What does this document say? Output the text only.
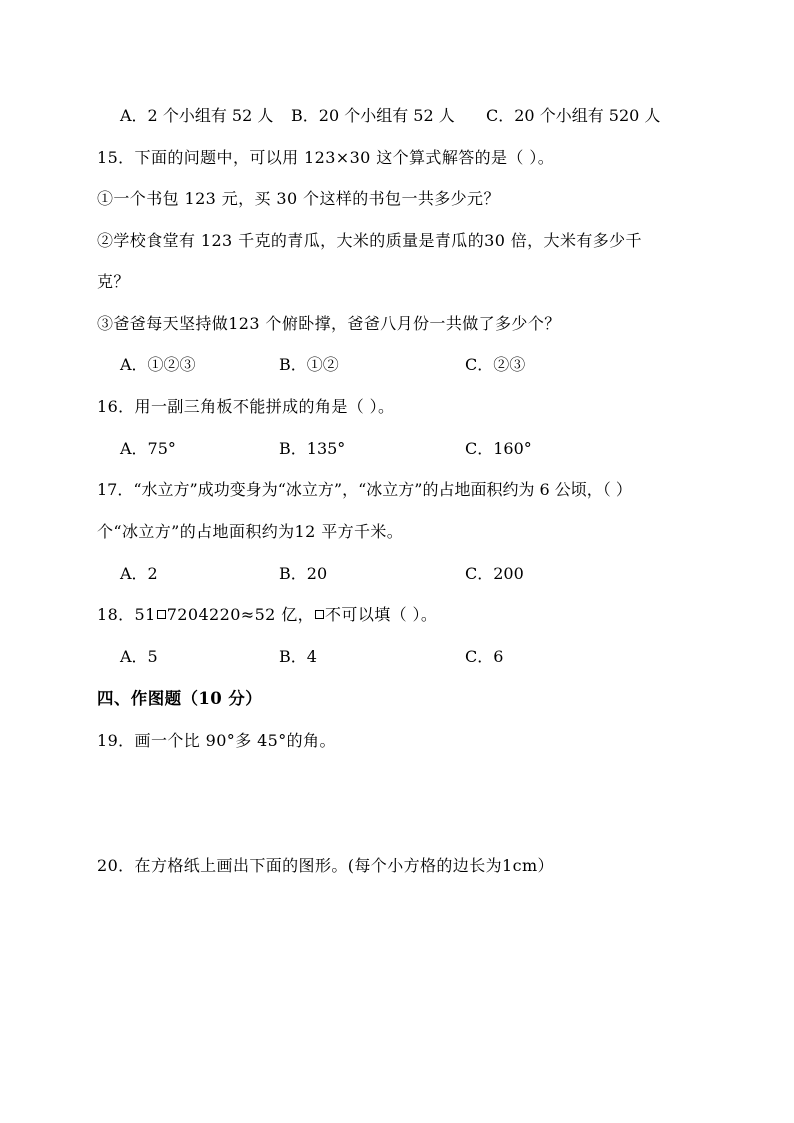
A．2 个小组有 52 人 B．20 个小组有 52 人 C．20 个小组有 520 人
15．下面的问题中，可以用 123×30 这个算式解答的是（ ）。
①一个书包 123 元，买 30 个这样的书包一共多少元？
②学校食堂有 123 千克的青瓜，大米的质量是青瓜的30 倍，大米有多少千
克？
③爸爸每天坚持做123 个俯卧撑，爸爸八月份一共做了多少个？
A．①②③	B．①②	C．②③
16．用一副三角板不能拼成的角是（ ）。
A．75°	B．135°	C．160°
17．“水立方”成功变身为“冰立方”，“冰立方”的占地面积约为 6 公顷，（ ）
个“冰立方”的占地面积约为12 平方千米。
A．2	B．20	C．200
18．51 7204220≈52 亿， 不可以填（ ）。
A．5	B．4	C．6
四、作图题（10 分）
19．画一个比 90°多 45°的角。
20．在方格纸上画出下面的图形。(每个小方格的边长为1cm）
